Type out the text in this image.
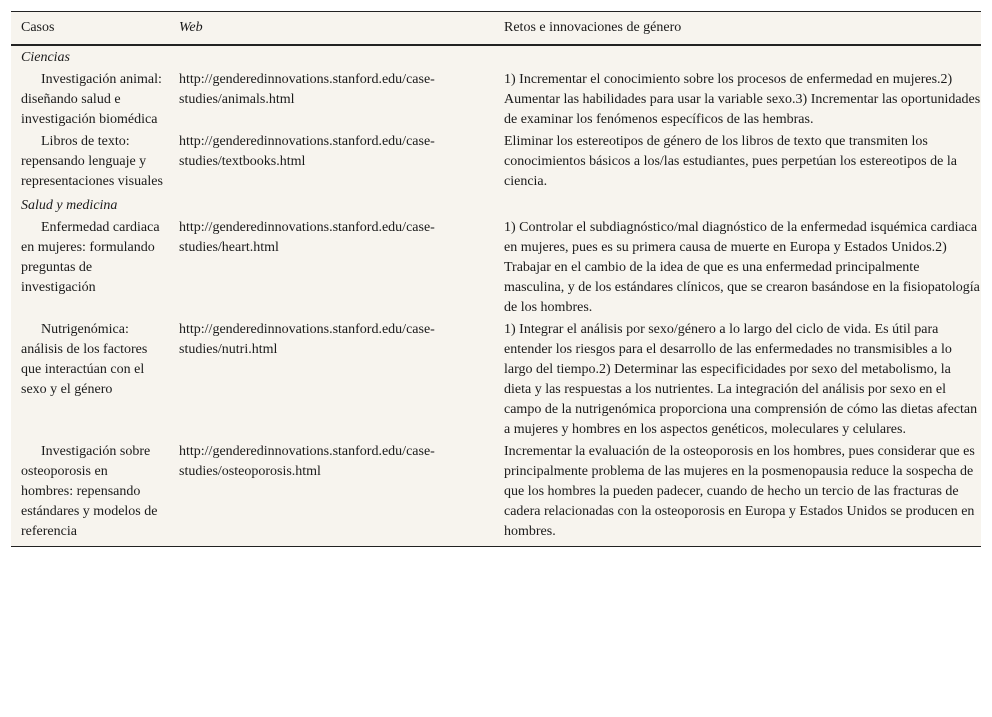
Casos	Web	Retos e innovaciones de género
Ciencias		

Investigación animal: diseñando salud e investigación biomédica	http://genderedinnovations.stanford.edu/case-studies/animals.html	1) Incrementar el conocimiento sobre los procesos de enfermedad en mujeres.2) Aumentar las habilidades para usar la variable sexo.3) Incrementar las oportunidades de examinar los fenómenos específicos de las hembras.

Libros de texto: repensando lenguaje y representaciones visuales	http://genderedinnovations.stanford.edu/case-studies/textbooks.html	Eliminar los estereotipos de género de los libros de texto que transmiten los conocimientos básicos a los/las estudiantes, pues perpetúan los estereotipos de la ciencia.
Salud y medicina		

Enfermedad cardiaca en mujeres: formulando preguntas de investigación	http://genderedinnovations.stanford.edu/case-studies/heart.html	1) Controlar el subdiagnóstico/mal diagnóstico de la enfermedad isquémica cardiaca en mujeres, pues es su primera causa de muerte en Europa y Estados Unidos.2) Trabajar en el cambio de la idea de que es una enfermedad principalmente masculina, y de los estándares clínicos, que se crearon basándose en la fisiopatología de los hombres.

Nutrigenómica: análisis de los factores que interactúan con el sexo y el género	http://genderedinnovations.stanford.edu/case-studies/nutri.html	1) Integrar el análisis por sexo/género a lo largo del ciclo de vida. Es útil para entender los riesgos para el desarrollo de las enfermedades no transmisibles a lo largo del tiempo.2) Determinar las especificidades por sexo del metabolismo, la dieta y las respuestas a los nutrientes. La integración del análisis por sexo en el campo de la nutrigenómica proporciona una comprensión de cómo las dietas afectan a mujeres y hombres en los aspectos genéticos, moleculares y celulares.

Investigación sobre osteoporosis en hombres: repensando estándares y modelos de referencia	http://genderedinnovations.stanford.edu/case-studies/osteoporosis.html	Incrementar la evaluación de la osteoporosis en los hombres, pues considerar que es principalmente problema de las mujeres en la posmenopausia reduce la sospecha de que los hombres la pueden padecer, cuando de hecho un tercio de las fracturas de cadera relacionadas con la osteoporosis en Europa y Estados Unidos se producen en hombres.
